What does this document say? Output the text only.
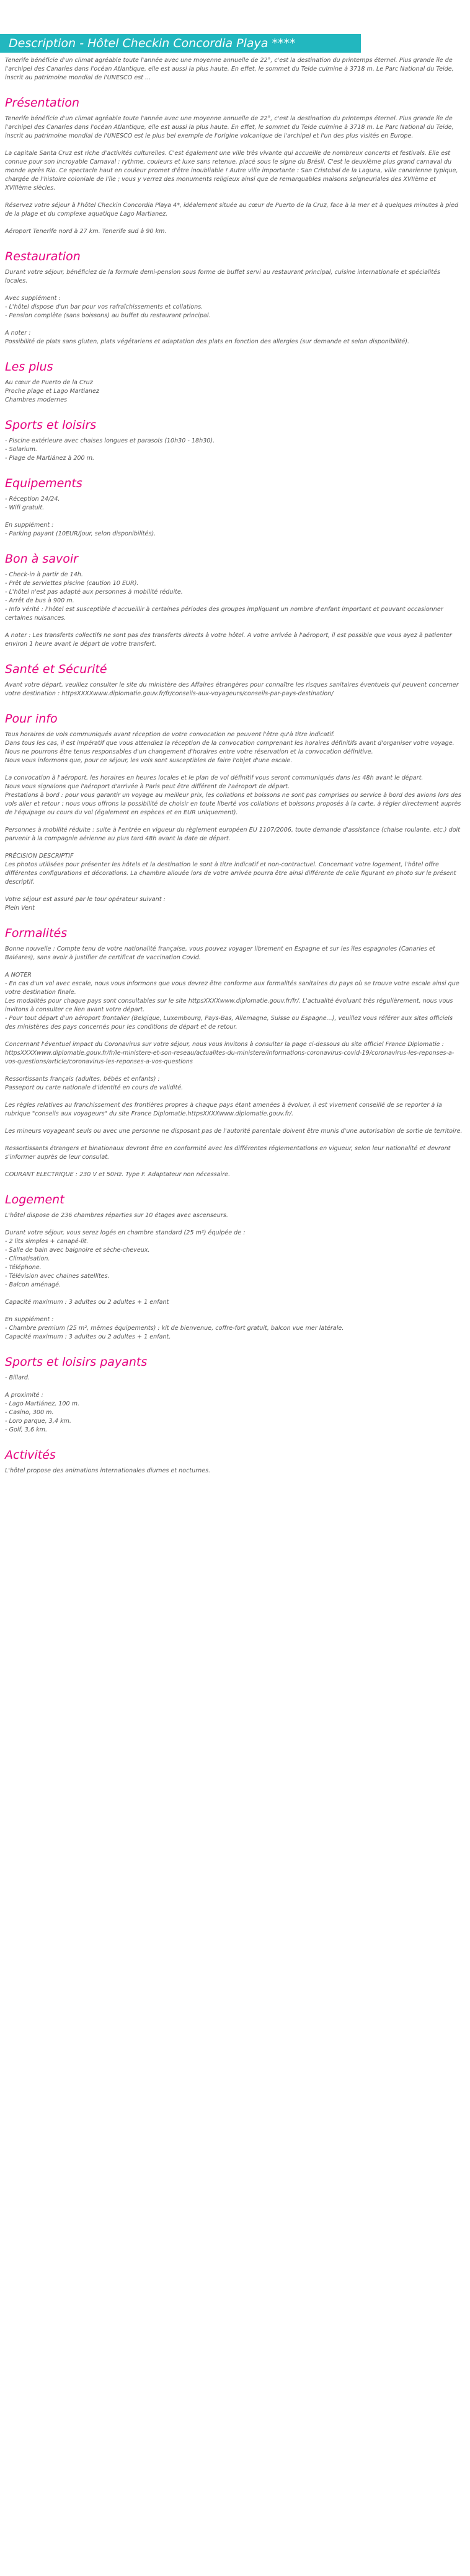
Description - Hôtel Checkin Concordia Playa ****
Tenerife bénéficie d'un climat agréable toute l'année avec une moyenne annuelle de 22°, c'est la destination du printemps éternel. Plus grande île de l'archipel des Canaries dans l'océan Atlantique, elle est aussi la plus haute. En effet, le sommet du Teide culmine à 3718 m. Le Parc National du Teide, inscrit au patrimoine mondial de l'UNESCO est ...
Présentation
Tenerife bénéficie d'un climat agréable toute l'année avec une moyenne annuelle de 22°, c'est la destination du printemps éternel. Plus grande île de l'archipel des Canaries dans l'océan Atlantique, elle est aussi la plus haute. En effet, le sommet du Teide culmine à 3718 m. Le Parc National du Teide, inscrit au patrimoine mondial de l'UNESCO est le plus bel exemple de l'origine volcanique de l'archipel et l'un des plus visités en Europe.

La capitale Santa Cruz est riche d'activités culturelles. C'est également une ville très vivante qui accueille de nombreux concerts et festivals. Elle est connue pour son incroyable Carnaval : rythme, couleurs et luxe sans retenue, placé sous le signe du Brésil. C'est le deuxième plus grand carnaval du monde après Rio. Ce spectacle haut en couleur promet d'être inoubliable ! Autre ville importante : San Cristobal de la Laguna, ville canarienne typique, chargée de l'histoire coloniale de l'île ; vous y verrez des monuments religieux ainsi que de remarquables maisons seigneuriales des XVIIème et XVIIIème siècles.

Réservez votre séjour à l'hôtel Checkin Concordia Playa 4*, idéalement située au cœur de Puerto de la Cruz, face à la mer et à quelques minutes à pied de la plage et du complexe aquatique Lago Martianez.

Aéroport Tenerife nord à 27 km. Tenerife sud à 90 km.
Restauration
Durant votre séjour, bénéficiez de la formule demi-pension sous forme de buffet servi au restaurant principal, cuisine internationale et spécialités locales.

Avec supplément :
- L'hôtel dispose d'un bar pour vos rafraîchissements et collations.
- Pension complète (sans boissons) au buffet du restaurant principal.

A noter :
Possibilité de plats sans gluten, plats végétariens et adaptation des plats en fonction des allergies (sur demande et selon disponibilité).
Les plus
Au cœur de Puerto de la Cruz
Proche plage et Lago Martianez
Chambres modernes
Sports et loisirs
- Piscine extérieure avec chaises longues et parasols (10h30 - 18h30).
- Solarium.
- Plage de Martiánez à 200 m.
Equipements
- Réception 24/24.
- Wifi gratuit.

En supplément :
- Parking payant (10EUR/jour, selon disponibilités).
Bon à savoir
- Check-in à partir de 14h.
- Prêt de serviettes piscine (caution 10 EUR).
- L'hôtel n'est pas adapté aux personnes à mobilité réduite.
- Arrêt de bus à 900 m.
- Info vérité : l'hôtel est susceptible d'accueillir à certaines périodes des groupes impliquant un nombre d'enfant important et pouvant occasionner certaines nuisances.

A noter : Les transferts collectifs ne sont pas des transferts directs à votre hôtel. A votre arrivée à l'aéroport, il est possible que vous ayez à patienter environ 1 heure avant le départ de votre transfert.
Santé et Sécurité
Avant votre départ, veuillez consulter le site du ministère des Affaires étrangères pour connaître les risques sanitaires éventuels qui peuvent concerner votre destination : httpsXXXXwww.diplomatie.gouv.fr/fr/conseils-aux-voyageurs/conseils-par-pays-destination/
Pour info
Tous horaires de vols communiqués avant réception de votre convocation ne peuvent l'être qu'à titre indicatif.
Dans tous les cas, il est impératif que vous attendiez la réception de la convocation comprenant les horaires définitifs avant d'organiser votre voyage.
Nous ne pourrons être tenus responsables d'un changement d'horaires entre votre réservation et la convocation définitive.
Nous vous informons que, pour ce séjour, les vols sont susceptibles de faire l'objet d'une escale.

La convocation à l'aéroport, les horaires en heures locales et le plan de vol définitif vous seront communiqués dans les 48h avant le départ.
Nous vous signalons que l'aéroport d'arrivée à Paris peut être différent de l'aéroport de départ.
Prestations à bord : pour vous garantir un voyage au meilleur prix, les collations et boissons ne sont pas comprises ou service à bord des avions lors des vols aller et retour ; nous vous offrons la possibilité de choisir en toute liberté vos collations et boissons proposés à la carte, à régler directement auprès de l'équipage ou cours du vol (également en espèces et en EUR uniquement).

Personnes à mobilité réduite : suite à l'entrée en vigueur du règlement européen EU 1107/2006, toute demande d'assistance (chaise roulante, etc.) doit parvenir à la compagnie aérienne au plus tard 48h avant la date de départ.

PRÉCISION DESCRIPTIF
Les photos utilisées pour présenter les hôtels et la destination le sont à titre indicatif et non-contractuel. Concernant votre logement, l'hôtel offre différentes configurations et décorations. La chambre allouée lors de votre arrivée pourra être ainsi différente de celle figurant en photo sur le présent descriptif.

Votre séjour est assuré par le tour opérateur suivant :
Plein Vent
Formalités
Bonne nouvelle : Compte tenu de votre nationalité française, vous pouvez voyager librement en Espagne et sur les îles espagnoles (Canaries et Baléares), sans avoir à justifier de certificat de vaccination Covid.

A NOTER
- En cas d'un vol avec escale, nous vous informons que vous devrez être conforme aux formalités sanitaires du pays où se trouve votre escale ainsi que votre destination finale.
Les modalités pour chaque pays sont consultables sur le site httpsXXXXwww.diplomatie.gouv.fr/fr/. L'actualité évoluant très régulièrement, nous vous invitons à consulter ce lien avant votre départ.
- Pour tout départ d'un aéroport frontalier (Belgique, Luxembourg, Pays-Bas, Allemagne, Suisse ou Espagne...), veuillez vous référer aux sites officiels des ministères des pays concernés pour les conditions de départ et de retour.

Concernant l'éventuel impact du Coronavirus sur votre séjour, nous vous invitons à consulter la page ci-dessous du site officiel France Diplomatie :
httpsXXXXwww.diplomatie.gouv.fr/fr/le-ministere-et-son-reseau/actualites-du-ministere/informations-coronavirus-covid-19/coronavirus-les-reponses-a-vos-questions/article/coronavirus-les-reponses-a-vos-questions

Ressortissants français (adultes, bébés et enfants) :
Passeport ou carte nationale d'identité en cours de validité.

Les règles relatives au franchissement des frontières propres à chaque pays étant amenées à évoluer, il est vivement conseillé de se reporter à la rubrique "conseils aux voyageurs" du site France Diplomatie.httpsXXXXwww.diplomatie.gouv.fr/.

Les mineurs voyageant seuls ou avec une personne ne disposant pas de l'autorité parentale doivent être munis d'une autorisation de sortie de territoire.

Ressortissants étrangers et binationaux devront être en conformité avec les différentes réglementations en vigueur, selon leur nationalité et devront s'informer auprès de leur consulat.

COURANT ELECTRIQUE : 230 V et 50Hz. Type F. Adaptateur non nécessaire.
Logement
L'hôtel dispose de 236 chambres réparties sur 10 étages avec ascenseurs.

Durant votre séjour, vous serez logés en chambre standard (25 m²) équipée de :
- 2 lits simples + canapé-lit.
- Salle de bain avec baignoire et sèche-cheveux.
- Climatisation.
- Téléphone.
- Télévision avec chaines satellites.
- Balcon aménagé.

Capacité maximum : 3 adultes ou 2 adultes + 1 enfant

En supplément :
- Chambre premium (25 m², mêmes équipements) : kit de bienvenue, coffre-fort gratuit, balcon vue mer latérale.
Capacité maximum : 3 adultes ou 2 adultes + 1 enfant.
Sports et loisirs payants
- Billard.

A proximité :
- Lago Martiánez, 100 m.
- Casino, 300 m.
- Loro parque, 3,4 km.
- Golf, 3,6 km.
Activités
L'hôtel propose des animations internationales diurnes et nocturnes.
